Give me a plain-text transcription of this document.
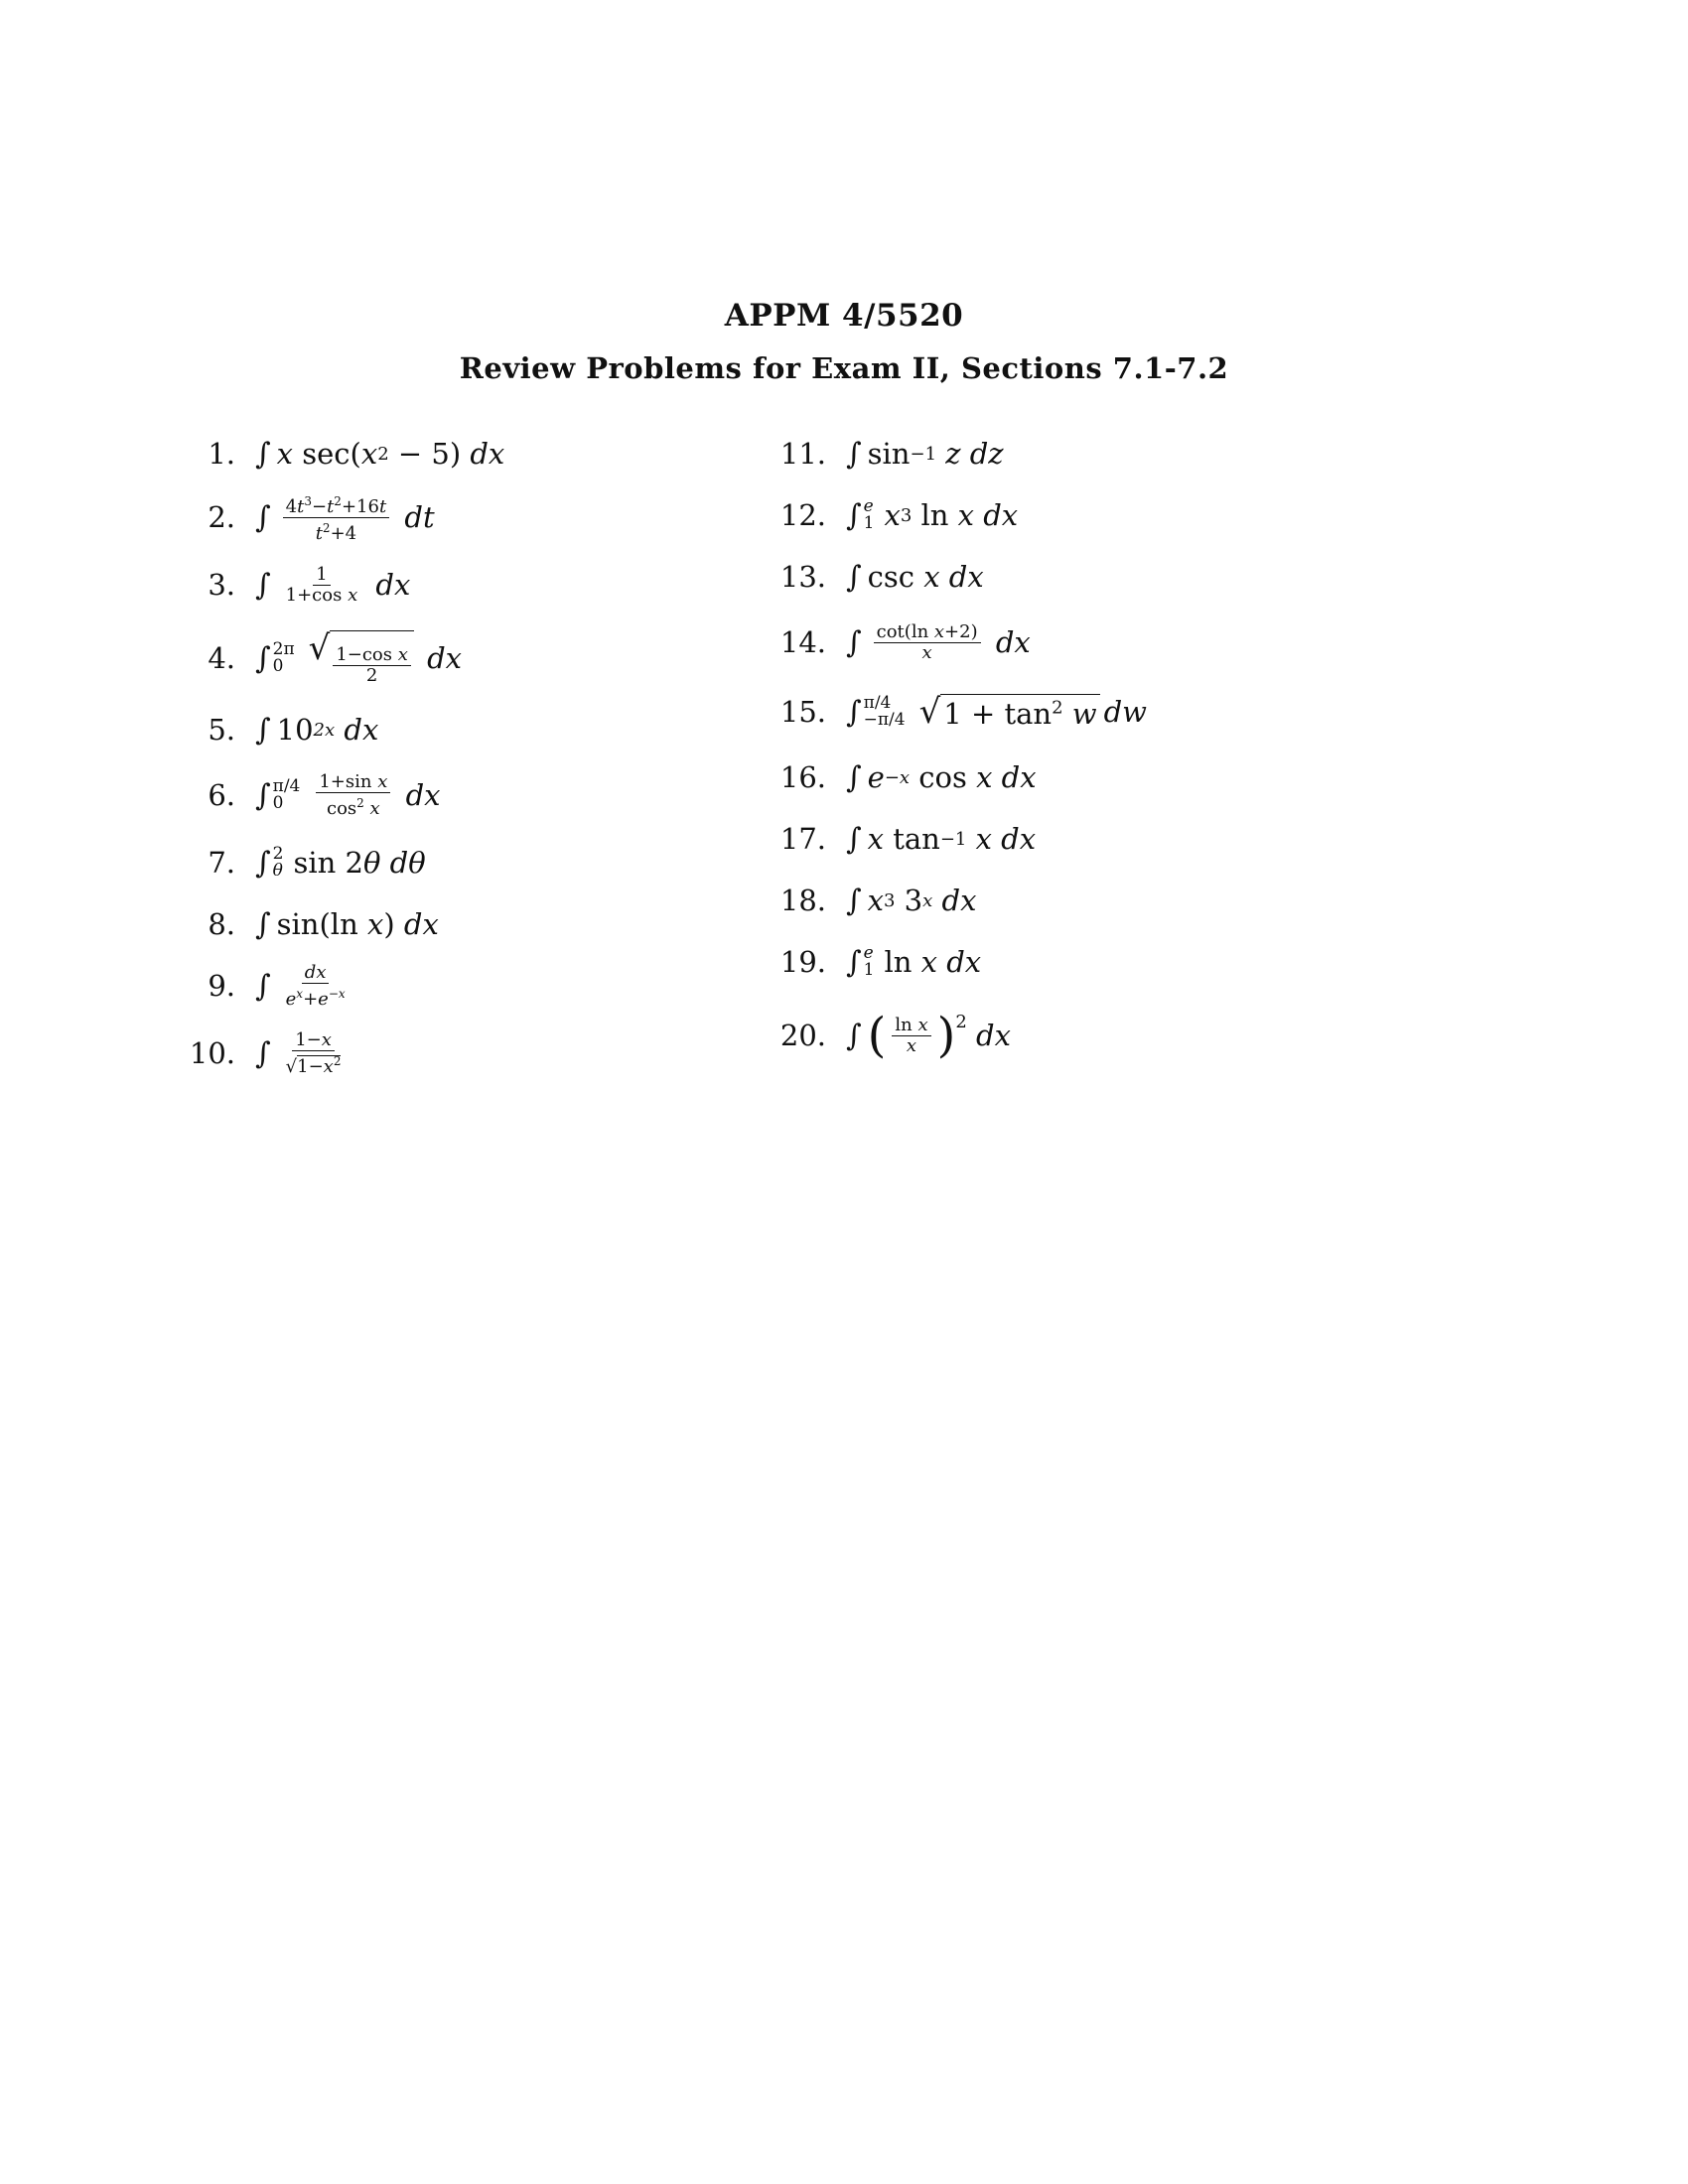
APPM 4/5520
Review Problems for Exam II, Sections 7.1-7.2
1. ∫ x sec( x 2 − 5) dx
2. ∫ $\frac{4t^3-t^2+16t}{t^2+4}$ dt
3. ∫ $\frac{1}{\text{1+cos x}}$ dx
4. ∫ 2π
0 √ $\frac{\text{1−cos x}}{2}$ dx
5. ∫ 10 2x dx
6. ∫ π/4
0	$\frac{\text{1+sin x}}{\cos^2 x}$ dx
7. ∫ 2
θ sin 2 θ dθ
8. ∫ sin(ln x ) dx
9. ∫ $\frac{dx}{e^x+e^{-x}}$
10. ∫ $\frac{1-x}{√1-x^2}$
11. ∫ sin −1 z dz
12. ∫ e
1 x 3
ln x dx
13. ∫ csc x dx
14. ∫ $\frac{\text{cot(ln x+2)}}{x}$ dx
15. ∫ π/4
−π/4 √ $1 + \tan^2 w$ dw
16. ∫ e −x
cos x dx
17. ∫ x tan −1 x dx
18. ∫ x 3
3 x dx
19. ∫ e
1 ln x dx
20. ∫ ( $\frac{\text{ln x}}{x} )^2$ dx
